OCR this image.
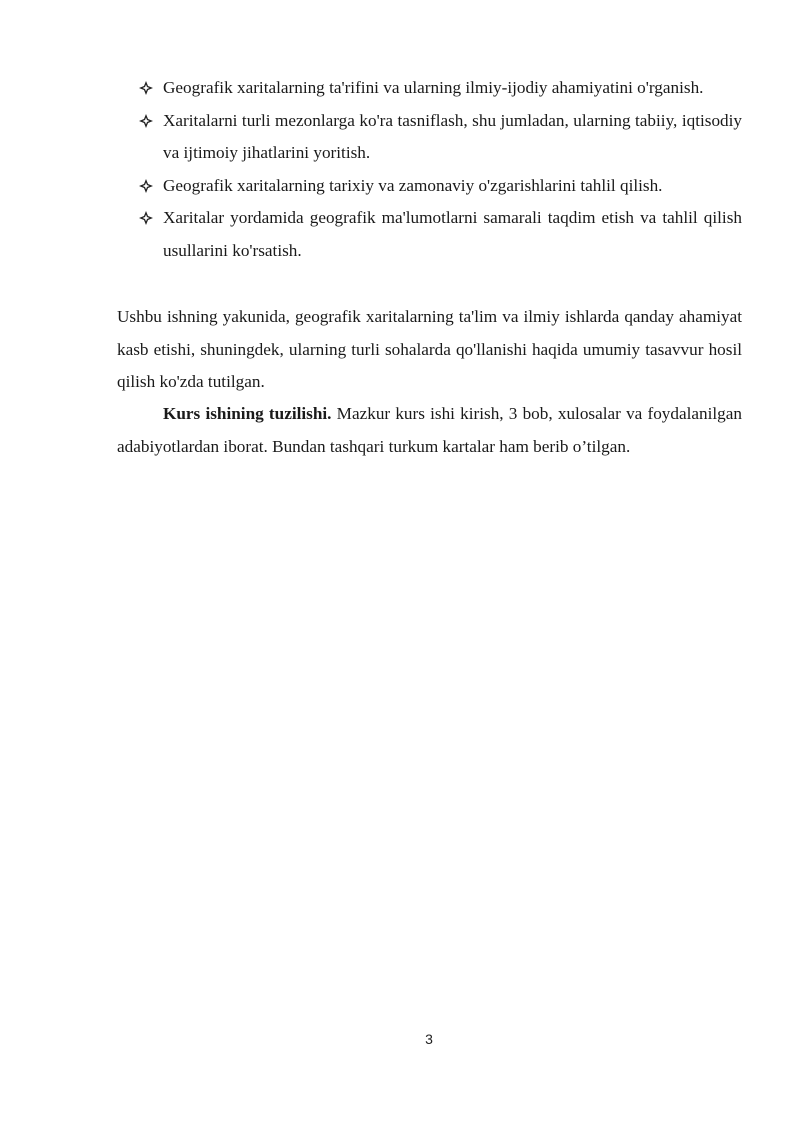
Geografik xaritalarning ta'rifini va ularning ilmiy-ijodiy ahamiyatini o'rganish.
Xaritalarni turli mezonlarga ko'ra tasniflash, shu jumladan, ularning tabiiy, iqtisodiy va ijtimoiy jihatlarini yoritish.
Geografik xaritalarning tarixiy va zamonaviy o'zgarishlarini tahlil qilish.
Xaritalar yordamida geografik ma'lumotlarni samarali taqdim etish va tahlil qilish usullarini ko'rsatish.

Ushbu ishning yakunida, geografik xaritalarning ta'lim va ilmiy ishlarda qanday ahamiyat kasb etishi, shuningdek, ularning turli sohalarda qo'llanishi haqida umumiy tasavvur hosil qilish ko'zda tutilgan.

Kurs ishining tuzilishi. Mazkur kurs ishi kirish, 3 bob, xulosalar va foydalanilgan adabiyotlardan iborat. Bundan tashqari turkum kartalar ham berib o’tilgan.

3
